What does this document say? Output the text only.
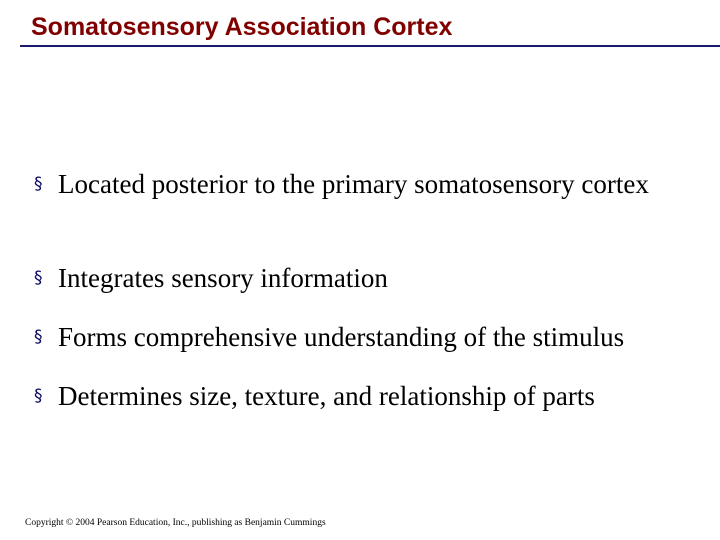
Somatosensory Association Cortex
§ Located posterior to the primary somatosensory cortex
§ Integrates sensory information
§ Forms comprehensive understanding of the stimulus
§ Determines size, texture, and relationship of parts
Copyright © 2004 Pearson Education, Inc., publishing as Benjamin Cummings
